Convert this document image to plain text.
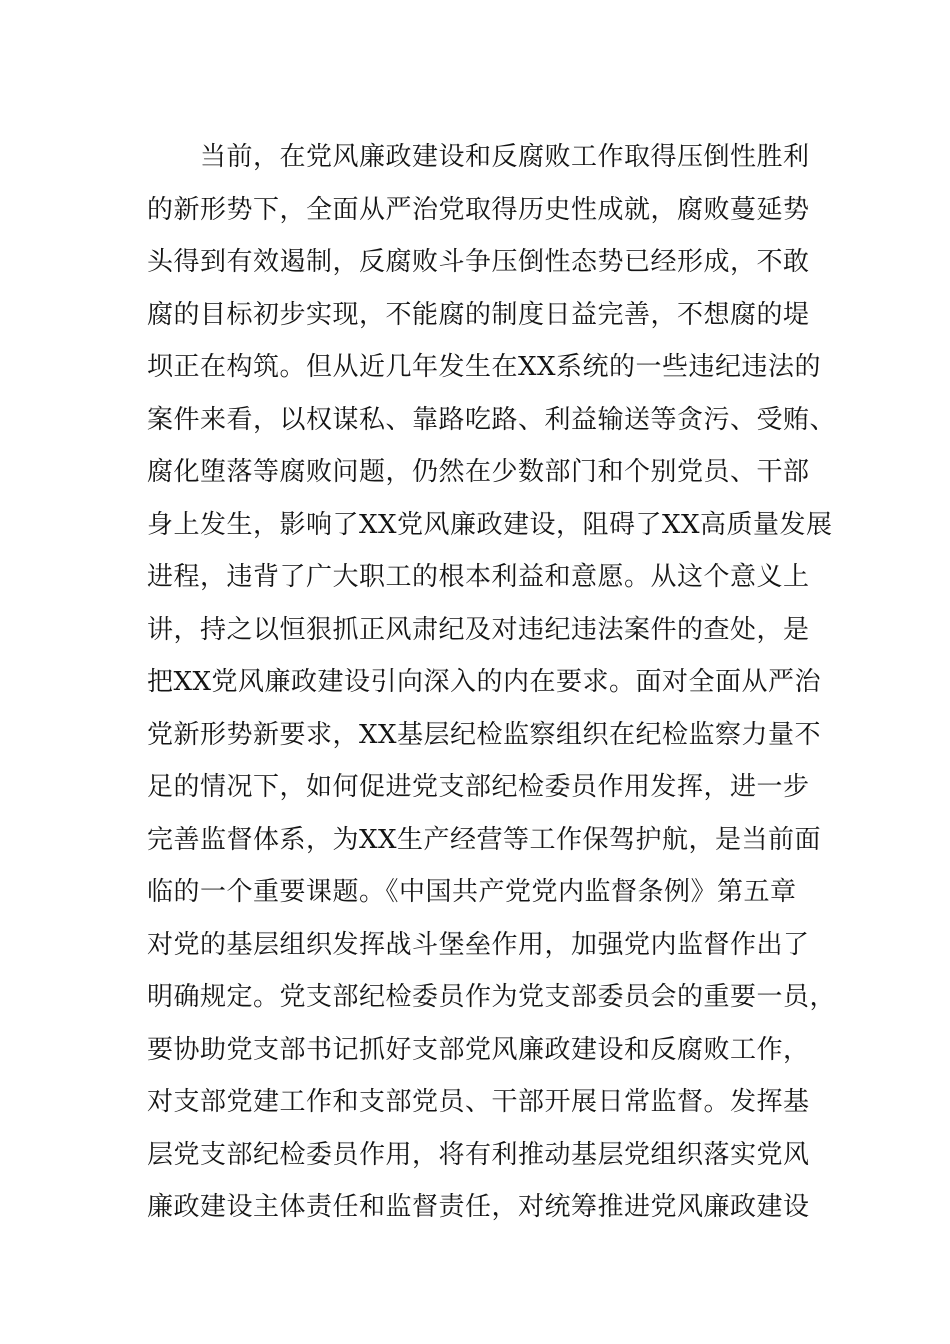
当前，在党风廉政建设和反腐败工作取得压倒性胜利
的新形势下，全面从严治党取得历史性成就，腐败蔓延势
头得到有效遏制，反腐败斗争压倒性态势已经形成，不敢
腐的目标初步实现，不能腐的制度日益完善，不想腐的堤
坝正在构筑。但从近几年发生在XX系统的一些违纪违法的
案件来看，以权谋私、靠路吃路、利益输送等贪污、受贿、
腐化堕落等腐败问题，仍然在少数部门和个别党员、干部
身上发生，影响了XX党风廉政建设，阻碍了XX高质量发展
进程，违背了广大职工的根本利益和意愿。从这个意义上
讲，持之以恒狠抓正风肃纪及对违纪违法案件的查处，是
把XX党风廉政建设引向深入的内在要求。面对全面从严治
党新形势新要求，XX基层纪检监察组织在纪检监察力量不
足的情况下，如何促进党支部纪检委员作用发挥，进一步
完善监督体系，为XX生产经营等工作保驾护航，是当前面
临的一个重要课题。《中国共产党党内监督条例》第五章
对党的基层组织发挥战斗堡垒作用，加强党内监督作出了
明确规定。党支部纪检委员作为党支部委员会的重要一员，
要协助党支部书记抓好支部党风廉政建设和反腐败工作，
对支部党建工作和支部党员、干部开展日常监督。发挥基
层党支部纪检委员作用，将有利推动基层党组织落实党风
廉政建设主体责任和监督责任，对统筹推进党风廉政建设
